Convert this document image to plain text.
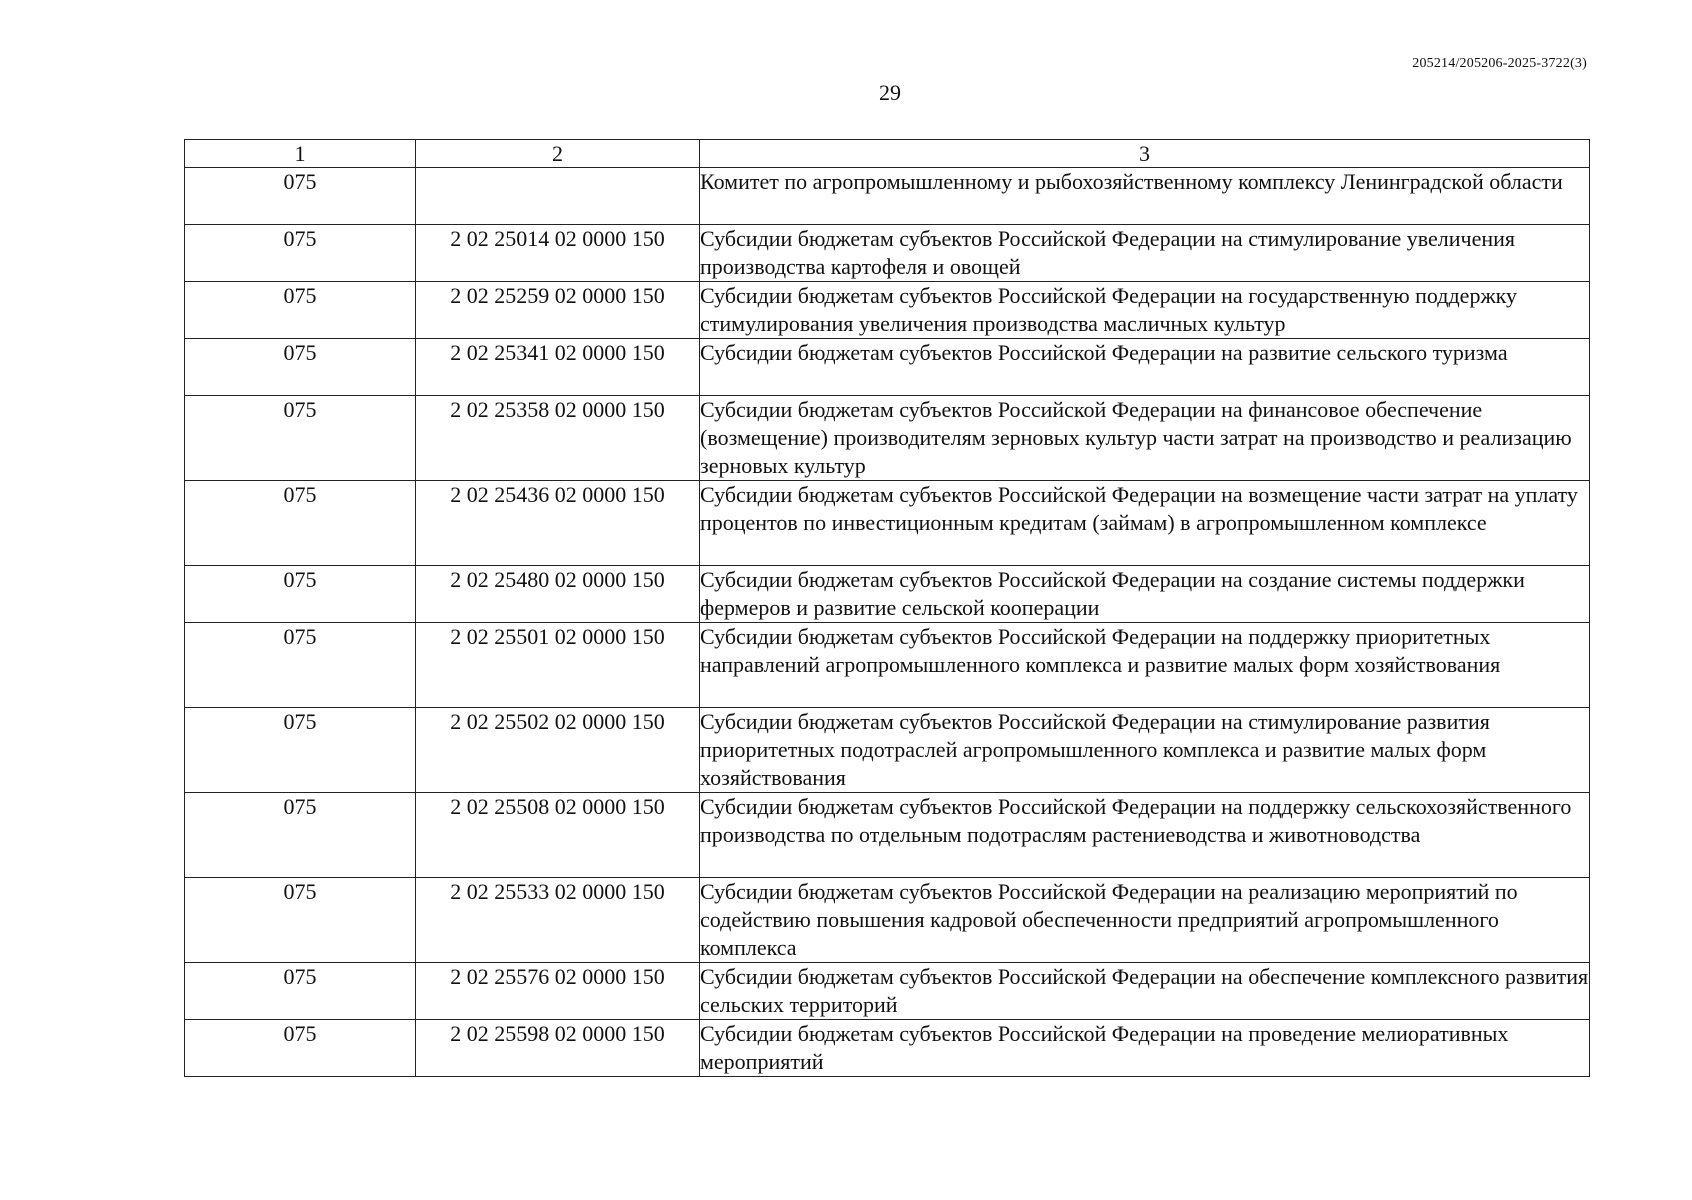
205214/205206-2025-3722(3)
29
1	2	3
075		Комитет по агропромышленному и рыбохозяйственному комплексу Ленинградской области
075	2 02 25014 02 0000 150	Субсидии бюджетам субъектов Российской Федерации на стимулирование увеличения производства картофеля и овощей
075	2 02 25259 02 0000 150	Субсидии бюджетам субъектов Российской Федерации на государственную поддержку стимулирования увеличения производства масличных культур
075	2 02 25341 02 0000 150	Субсидии бюджетам субъектов Российской Федерации на развитие сельского туризма
075	2 02 25358 02 0000 150	Субсидии бюджетам субъектов Российской Федерации на финансовое обеспечение (возмещение) производителям зерновых культур части затрат на производство и реализацию зерновых культур
075	2 02 25436 02 0000 150	Субсидии бюджетам субъектов Российской Федерации на возмещение части затрат на уплату процентов по инвестиционным кредитам (займам) в агропромышленном комплексе
075	2 02 25480 02 0000 150	Субсидии бюджетам субъектов Российской Федерации на создание системы поддержки фермеров и развитие сельской кооперации
075	2 02 25501 02 0000 150	Субсидии бюджетам субъектов Российской Федерации на поддержку приоритетных направлений агропромышленного комплекса и развитие малых форм хозяйствования
075	2 02 25502 02 0000 150	Субсидии бюджетам субъектов Российской Федерации на стимулирование развития приоритетных подотраслей агропромышленного комплекса и развитие малых форм хозяйствования
075	2 02 25508 02 0000 150	Субсидии бюджетам субъектов Российской Федерации на поддержку сельскохозяйственного производства по отдельным подотраслям растениеводства и животноводства
075	2 02 25533 02 0000 150	Субсидии бюджетам субъектов Российской Федерации на реализацию мероприятий по содействию повышения кадровой обеспеченности предприятий агропромышленного комплекса
075	2 02 25576 02 0000 150	Субсидии бюджетам субъектов Российской Федерации на обеспечение комплексного развития сельских территорий
075	2 02 25598 02 0000 150	Субсидии бюджетам субъектов Российской Федерации на проведение мелиоративных мероприятий
